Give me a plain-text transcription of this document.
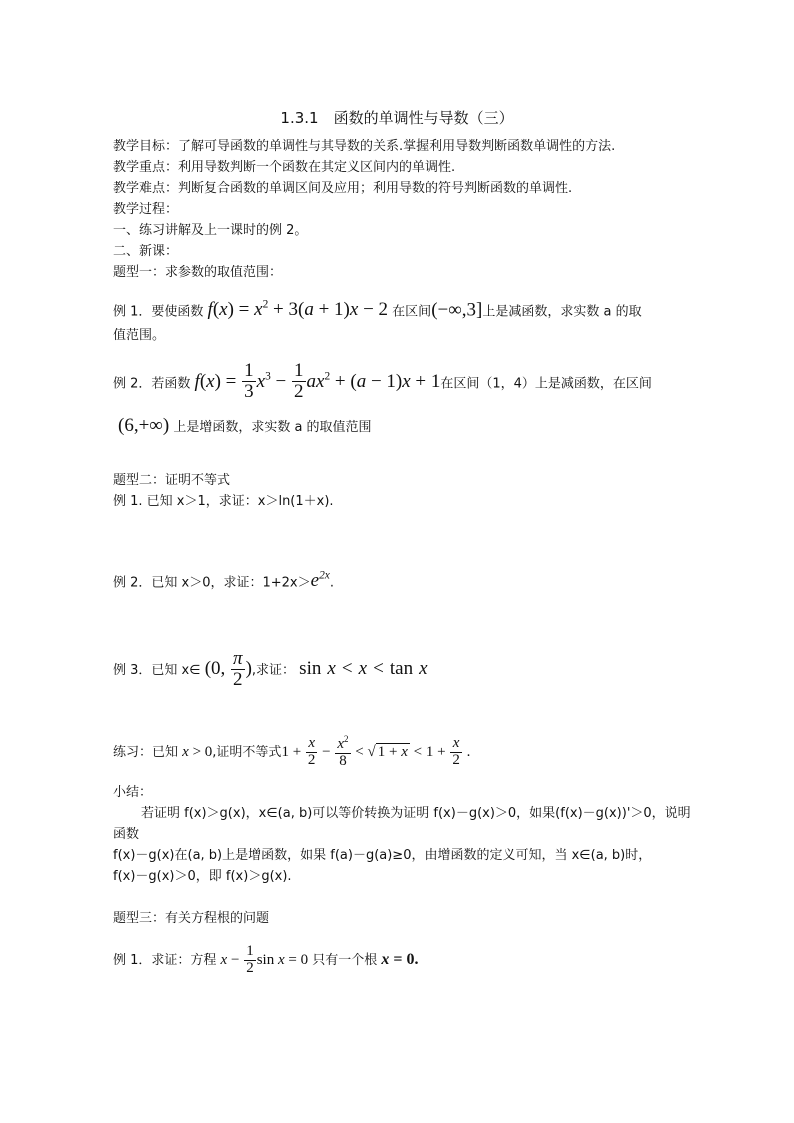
1.3.1　函数的单调性与导数（三）
教学目标：了解可导函数的单调性与其导数的关系.掌握利用导数判断函数单调性的方法.
教学重点：利用导数判断一个函数在其定义区间内的单调性.
教学难点：判断复合函数的单调区间及应用；利用导数的符号判断函数的单调性.
教学过程：
一、练习讲解及上一课时的例 2。
二、新课：
题型一：求参数的取值范围：
例 1．要使函数 $f(x) = x^2 + 3(a + 1)x - 2$ 在区间(−∞,3]上是减函数，求实数 a 的取
值范围。
例 2．若函数 $f(x) = \frac{1}{3} x^3 - \frac{1}{2} ax^2 + (a - 1)x + 1$在区间（1，4）上是减函数，在区间
(6,+∞) 上是增函数，求实数 a 的取值范围
题型二：证明不等式
例 1. 已知 x＞1，求证：x＞ln(1＋x).
例 2．已知 x＞0，求证：$1+2x>e^{2x}$.
例 3．已知 x∈ (0, $\frac{\pi}{2}$ ),求证： sin x < x < tan x
练习：已知 x > 0,证明不等式$1 + \frac{x}{2} - \frac{x^2}{8}$ < √ $1 + x < 1 + \frac{x}{2}$ .
小结：
若证明 f(x)＞g(x)，x∈(a, b)可以等价转换为证明 f(x)－g(x)＞0，如果(f(x)－g(x))'＞0，说明
函数
f(x)－g(x)在(a, b)上是增函数，如果 f(a)－g(a)≥0，由增函数的定义可知，当 x∈(a, b)时，
f(x)－g(x)＞0，即 f(x)＞g(x).
题型三：有关方程根的问题
例 1．求证：方程 $x - \frac{1}{2}$ sin x = 0 只有一个根 x = 0.
